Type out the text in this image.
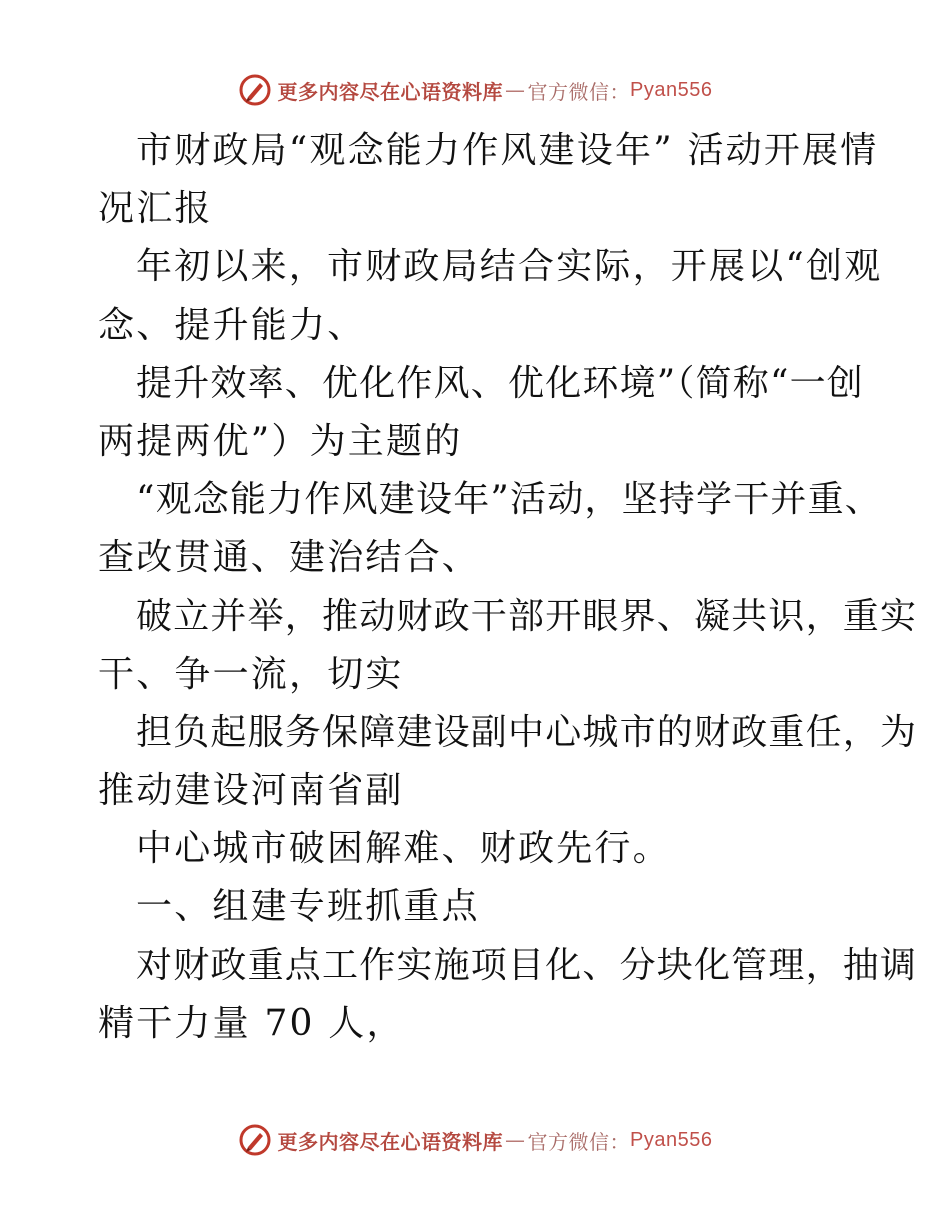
更多内容尽在心语资料库 — 官方微信： Pyan556
市财政局“观念能力作风建设年” 活动开展情
况汇报
年初以来，市财政局结合实际，开展以“创观
念、提升能力、
提升效率、优化作风、优化环境”（简称“一创
两提两优”）为主题的
“观念能力作风建设年”活动，坚持学干并重、
查改贯通、建治结合、
破立并举，推动财政干部开眼界、凝共识，重实
干、争一流，切实
担负起服务保障建设副中心城市的财政重任，为
推动建设河南省副
中心城市破困解难、财政先行。
一、组建专班抓重点
对财政重点工作实施项目化、分块化管理，抽调
精干力量 70 人，
更多内容尽在心语资料库 — 官方微信： Pyan556
